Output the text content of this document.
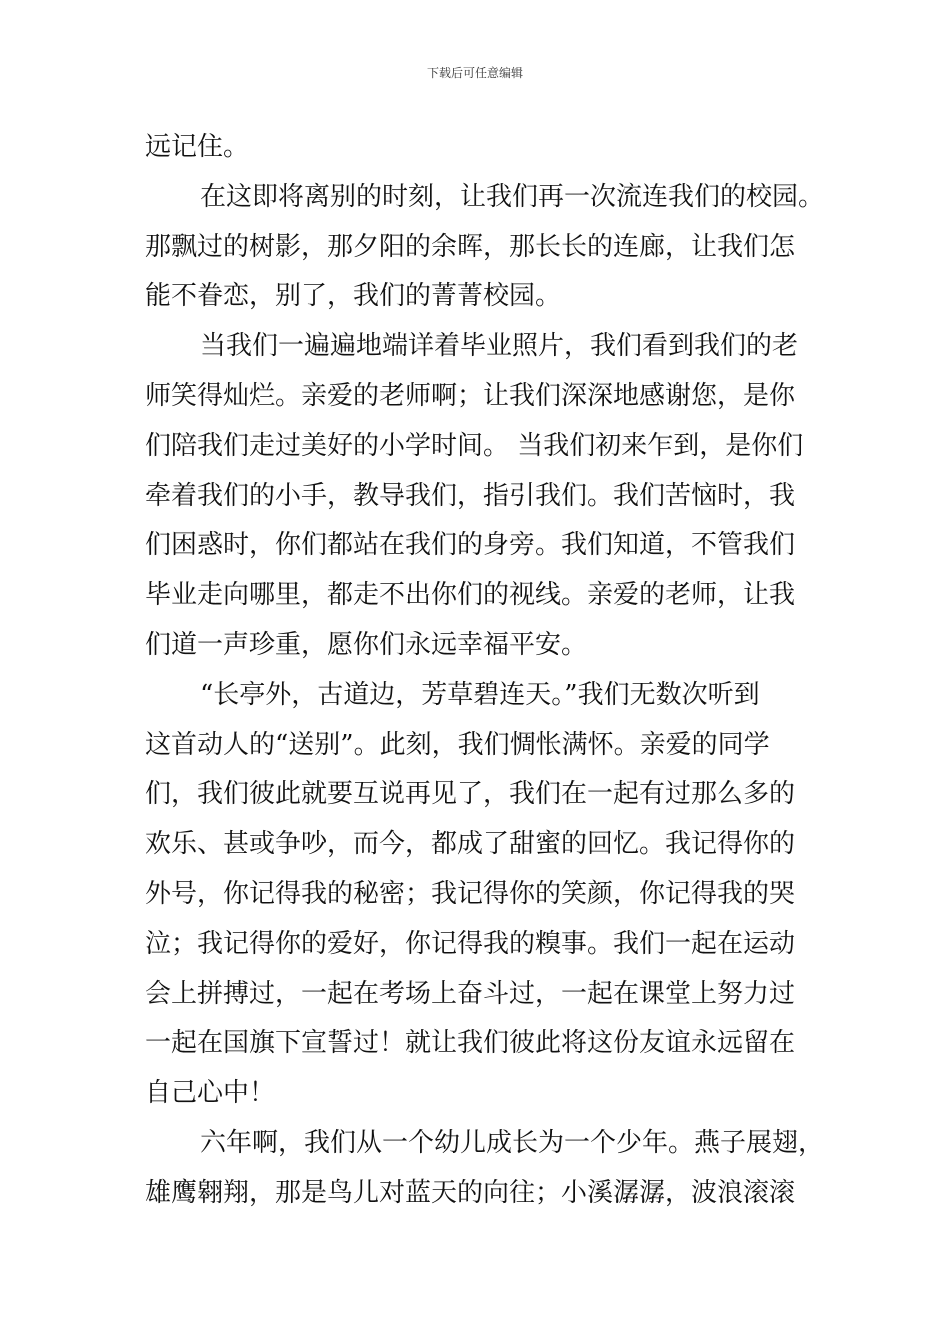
下载后可任意编辑
远记住。
在这即将离别的时刻，让我们再一次流连我们的校园。
那飘过的树影，那夕阳的余晖，那长长的连廊，让我们怎
能不眷恋，别了，我们的菁菁校园。
当我们一遍遍地端详着毕业照片，我们看到我们的老
师笑得灿烂。亲爱的老师啊；让我们深深地感谢您，是你
们陪我们走过美好的小学时间。 当我们初来乍到，是你们
牵着我们的小手，教导我们，指引我们。我们苦恼时，我
们困惑时，你们都站在我们的身旁。我们知道，不管我们
毕业走向哪里，都走不出你们的视线。亲爱的老师，让我
们道一声珍重，愿你们永远幸福平安。
“长亭外，古道边，芳草碧连天。”我们无数次听到
这首动人的“送别”。此刻，我们惆怅满怀。亲爱的同学
们，我们彼此就要互说再见了，我们在一起有过那么多的
欢乐、甚或争吵，而今，都成了甜蜜的回忆。我记得你的
外号，你记得我的秘密；我记得你的笑颜，你记得我的哭
泣；我记得你的爱好，你记得我的糗事。我们一起在运动
会上拼搏过，一起在考场上奋斗过，一起在课堂上努力过
一起在国旗下宣誓过！就让我们彼此将这份友谊永远留在
自己心中！
六年啊，我们从一个幼儿成长为一个少年。燕子展翅，
雄鹰翱翔，那是鸟儿对蓝天的向往；小溪潺潺，波浪滚滚
